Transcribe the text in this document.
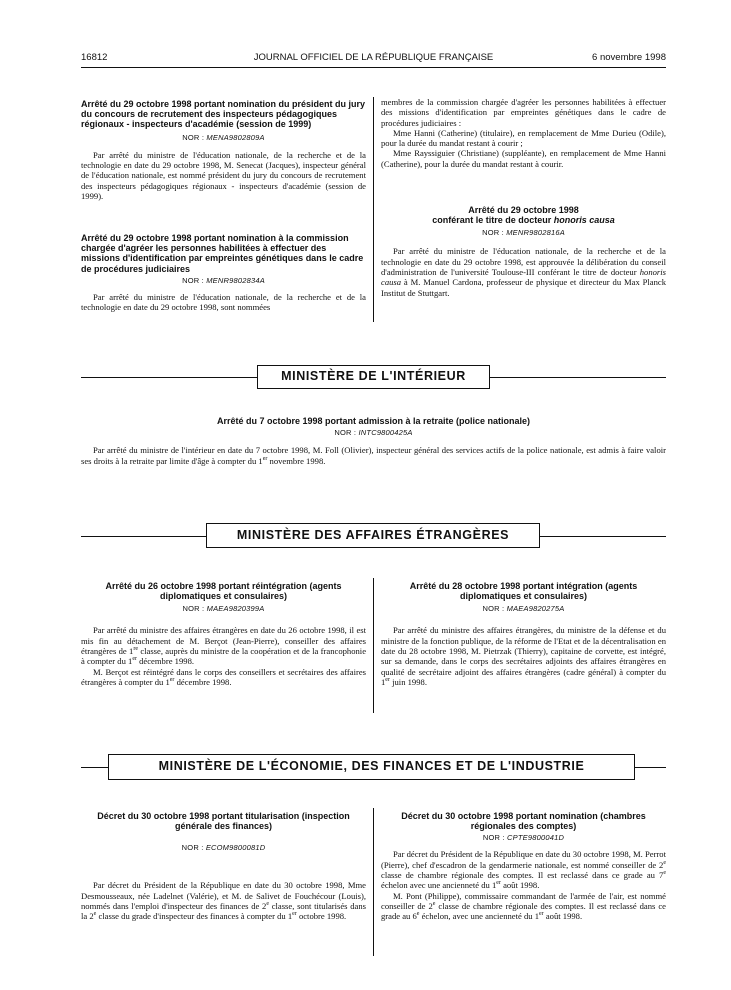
16812	JOURNAL OFFICIEL DE LA RÉPUBLIQUE FRANÇAISE	6 novembre 1998
Arrêté du 29 octobre 1998 portant nomination du président du jury du concours de recrutement des inspecteurs pédagogiques régionaux - inspecteurs d'académie (session de 1999)
NOR : MENA9802809A

Par arrêté du ministre de l'éducation nationale, de la recherche et de la technologie en date du 29 octobre 1998, M. Senecat (Jacques), inspecteur général de l'éducation nationale, est nommé président du jury du concours de recrutement des inspecteurs pédagogiques régionaux - inspecteurs d'académie (session de 1999).

Arrêté du 29 octobre 1998 portant nomination à la commission chargée d'agréer les personnes habilitées à effectuer des missions d'identification par empreintes génétiques dans le cadre de procédures judiciaires
NOR : MENR9802834A

Par arrêté du ministre de l'éducation nationale, de la recherche et de la technologie en date du 29 octobre 1998, sont nommées

membres de la commission chargée d'agréer les personnes habilitées à effectuer des missions d'identification par empreintes génétiques dans le cadre de procédures judiciaires :

Mme Hanni (Catherine) (titulaire), en remplacement de Mme Durieu (Odile), pour la durée du mandat restant à courir ;

Mme Rayssiguier (Christiane) (suppléante), en remplacement de Mme Hanni (Catherine), pour la durée du mandat restant à courir.

Arrêté du 29 octobre 1998
conférant le titre de docteur honoris causa
NOR : MENR9802816A

Par arrêté du ministre de l'éducation nationale, de la recherche et de la technologie en date du 29 octobre 1998, est approuvée la délibération du conseil d'administration de l'université Toulouse-III conférant le titre de docteur honoris causa à M. Manuel Cardona, professeur de physique et directeur du Max Planck Institut de Stuttgart.

MINISTÈRE DE L'INTÉRIEUR
Arrêté du 7 octobre 1998 portant admission à la retraite (police nationale)
NOR : INTC9800425A

Par arrêté du ministre de l'intérieur en date du 7 octobre 1998, M. Foll (Olivier), inspecteur général des services actifs de la police nationale, est admis à faire valoir ses droits à la retraite par limite d'âge à compter du 1er novembre 1998.

MINISTÈRE DES AFFAIRES ÉTRANGÈRES
Arrêté du 26 octobre 1998 portant réintégration (agents diplomatiques et consulaires)
NOR : MAEA9820399A

Par arrêté du ministre des affaires étrangères en date du 26 octobre 1998, il est mis fin au détachement de M. Berçot (Jean-Pierre), conseiller des affaires étrangères de 1re classe, auprès du ministre de la coopération et de la francophonie à compter du 1er décembre 1998.

M. Berçot est réintégré dans le corps des conseillers et secrétaires des affaires étrangères à compter du 1er décembre 1998.

Arrêté du 28 octobre 1998 portant intégration (agents diplomatiques et consulaires)
NOR : MAEA9820275A

Par arrêté du ministre des affaires étrangères, du ministre de la défense et du ministre de la fonction publique, de la réforme de l'Etat et de la décentralisation en date du 28 octobre 1998, M. Pietrzak (Thierry), capitaine de corvette, est intégré, sur sa demande, dans le corps des secrétaires adjoints des affaires étrangères en qualité de secrétaire adjoint des affaires étrangères (cadre général) à compter du 1er juin 1998.

MINISTÈRE DE L'ÉCONOMIE, DES FINANCES ET DE L'INDUSTRIE
Décret du 30 octobre 1998 portant titularisation (inspection générale des finances)
NOR : ECOM9800081D

Par décret du Président de la République en date du 30 octobre 1998, Mme Desmousseaux, née Ladelnet (Valérie), et M. de Salivet de Fouchécour (Louis), nommés dans l'emploi d'inspecteur des finances de 2e classe, sont titularisés dans la 2e classe du grade d'inspecteur des finances à compter du 1er octobre 1998.

Décret du 30 octobre 1998 portant nomination (chambres régionales des comptes)
NOR : CPTE9800041D

Par décret du Président de la République en date du 30 octobre 1998, M. Perrot (Pierre), chef d'escadron de la gendarmerie nationale, est nommé conseiller de 2e classe de chambre régionale des comptes. Il est reclassé dans ce grade au 7e échelon avec une ancienneté du 1er août 1998.

M. Pont (Philippe), commissaire commandant de l'armée de l'air, est nommé conseiller de 2e classe de chambre régionale des comptes. Il est reclassé dans ce grade au 6e échelon, avec une ancienneté du 1er août 1998.
